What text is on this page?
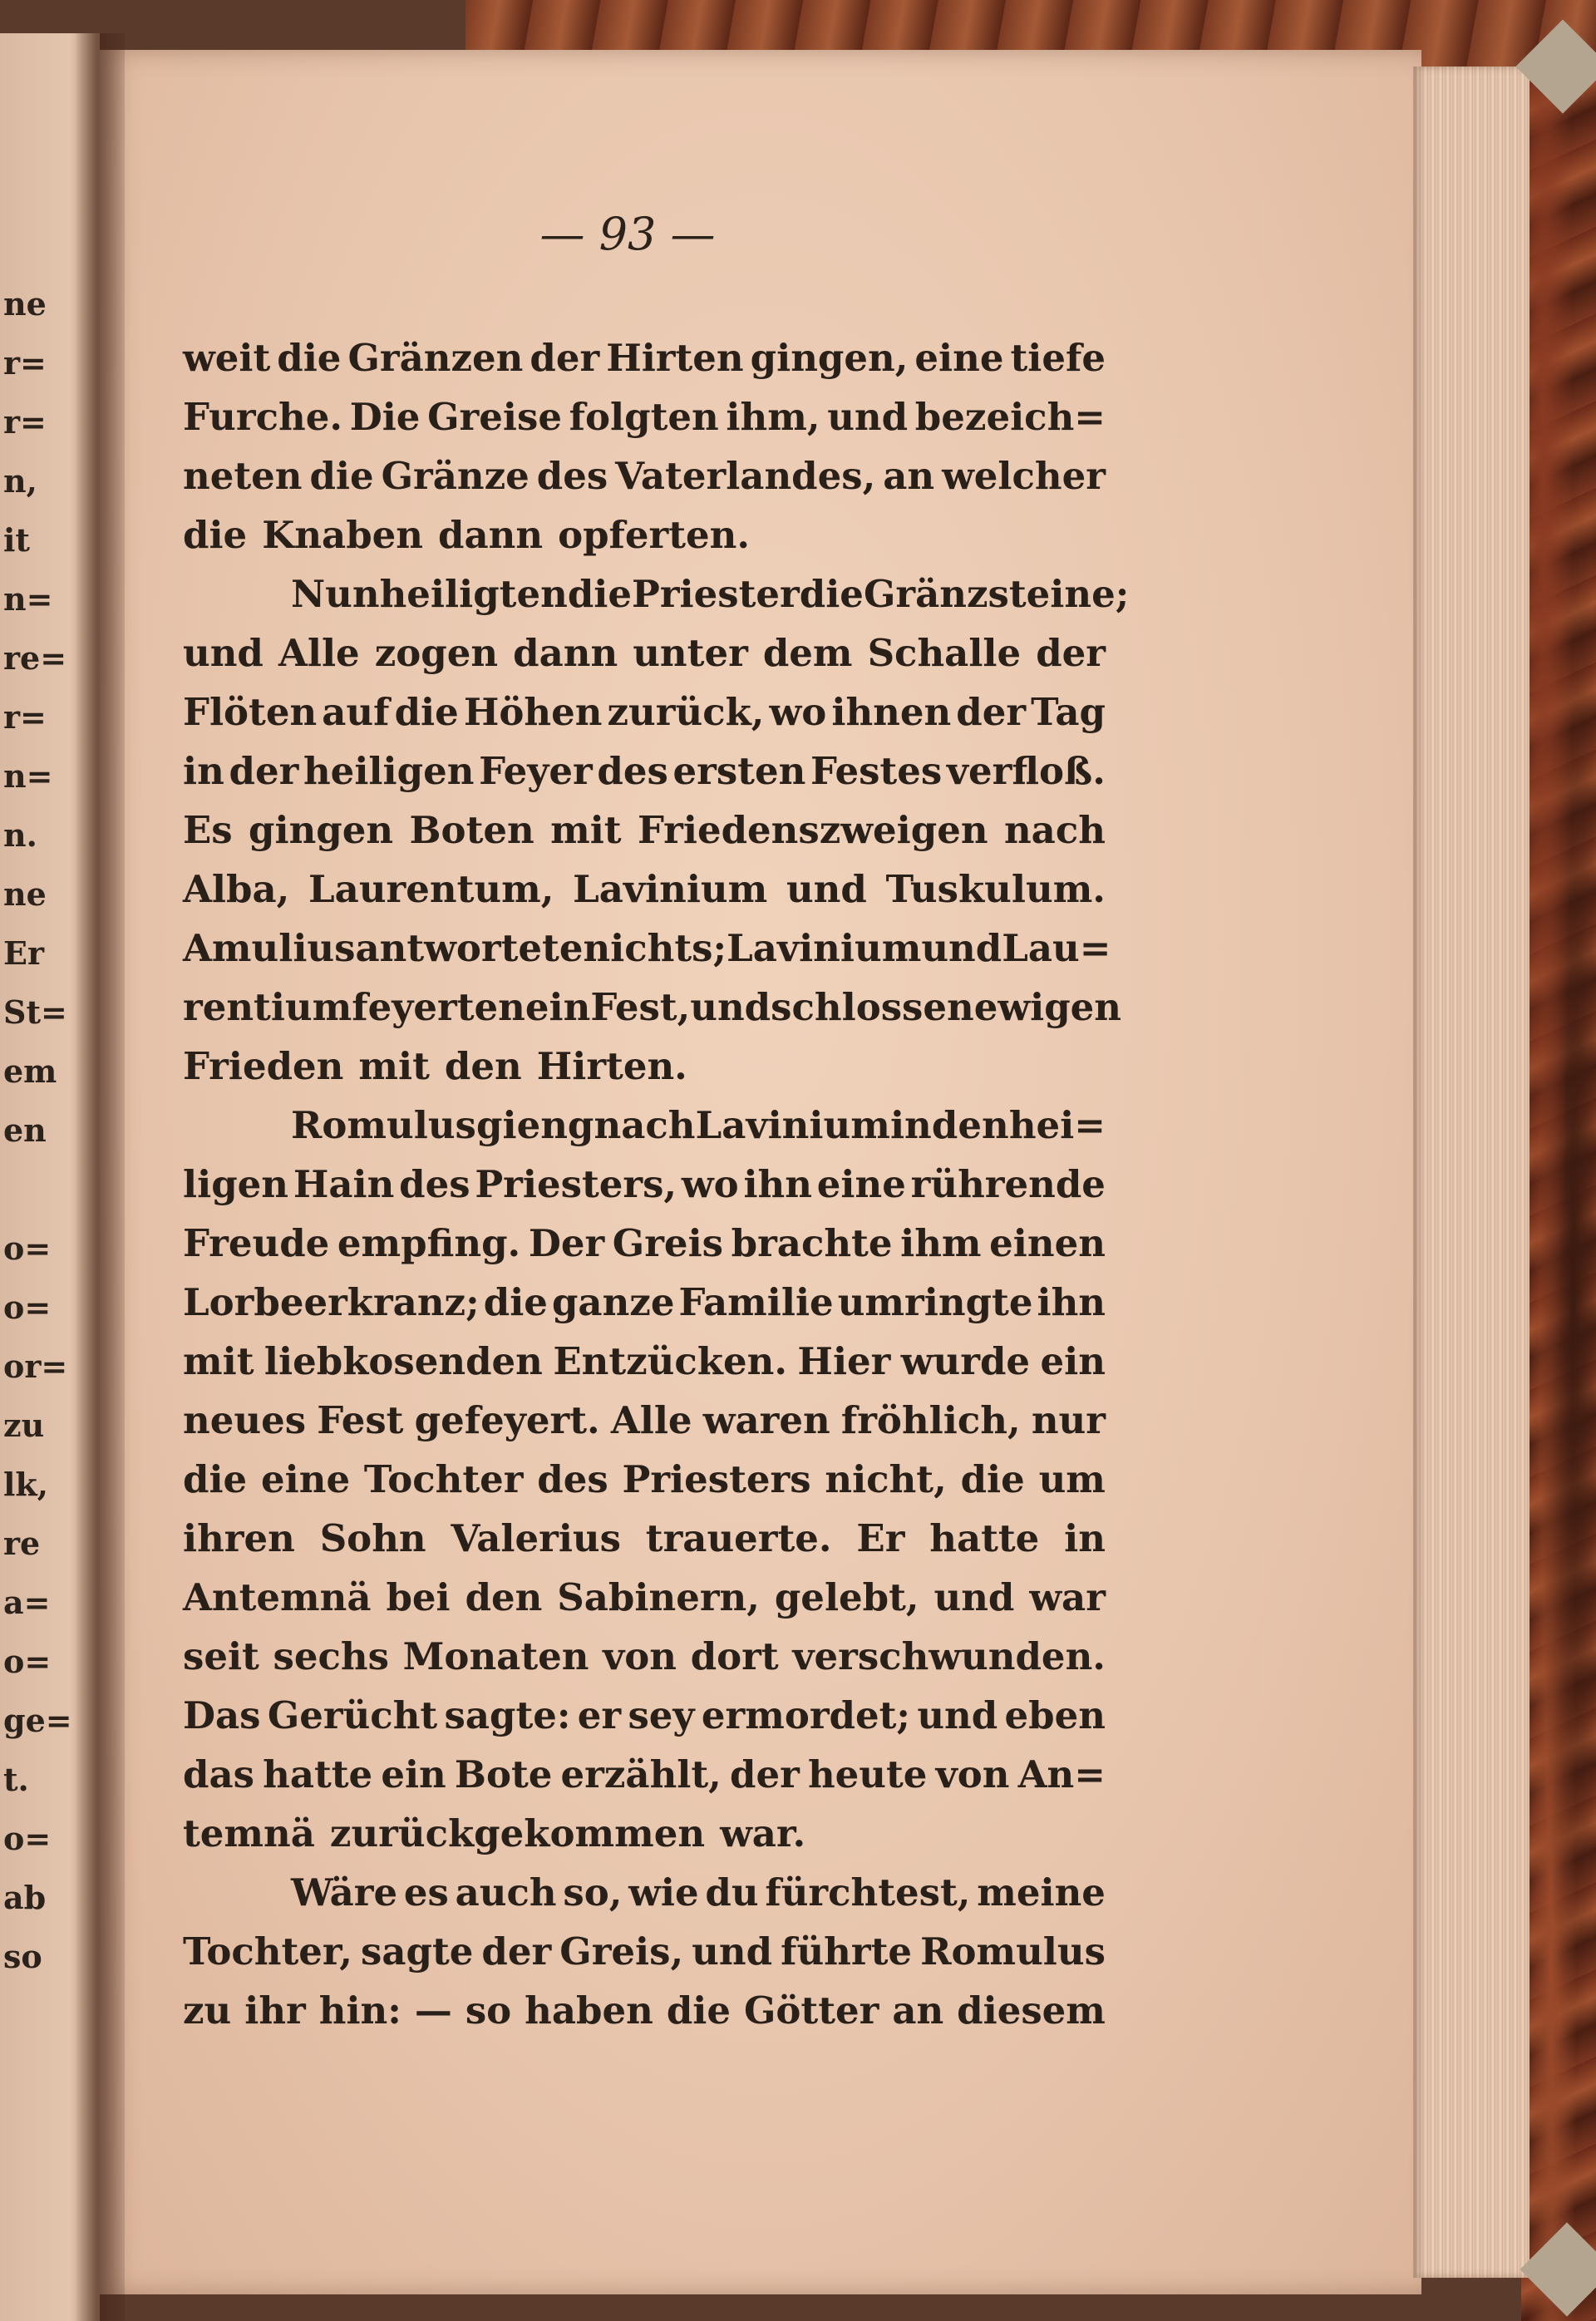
ne
r=
r=
n,
it
n=
re=
r=
n=
n.
ne
Er
St=
em
en
o=
o=
or=
zu
lk,
re
a=
o=
ge=
t.
o=
ab
so
— 93 —
weit die Gränzen der Hirten gingen, eine tiefe
Furche. Die Greise folgten ihm, und bezeich=
neten die Gränze des Vaterlandes, an welcher
die Knaben dann opferten.
Nun heiligten die Priester die Gränzsteine;
und Alle zogen dann unter dem Schalle der
Flöten auf die Höhen zurück, wo ihnen der Tag
in der heiligen Feyer des ersten Festes verfloß.
Es gingen Boten mit Friedenszweigen nach
Alba, Laurentum, Lavinium und Tuskulum.
Amulius antwortete nichts; Lavinium und Lau=
rentium feyerten ein Fest, und schlossen ewigen
Frieden mit den Hirten.
Romulus gieng nach Lavinium in den hei=
ligen Hain des Priesters, wo ihn eine rührende
Freude empfing. Der Greis brachte ihm einen
Lorbeerkranz; die ganze Familie umringte ihn
mit liebkosenden Entzücken. Hier wurde ein
neues Fest gefeyert. Alle waren fröhlich, nur
die eine Tochter des Priesters nicht, die um
ihren Sohn Valerius trauerte. Er hatte in
Antemnä bei den Sabinern, gelebt, und war
seit sechs Monaten von dort verschwunden.
Das Gerücht sagte: er sey ermordet; und eben
das hatte ein Bote erzählt, der heute von An=
temnä zurückgekommen war.
Wäre es auch so, wie du fürchtest, meine
Tochter, sagte der Greis, und führte Romulus
zu ihr hin: — so haben die Götter an diesem
